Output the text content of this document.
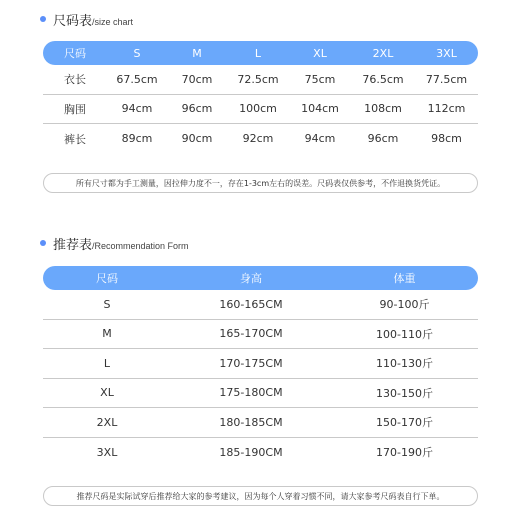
尺码表 /size chart
尺码	S	M	L	XL	2XL	3XL
衣长	67.5cm	70cm	72.5cm	75cm	76.5cm	77.5cm
胸围	94cm	96cm	100cm	104cm	108cm	112cm
裤长	89cm	90cm	92cm	94cm	96cm	98cm
所有尺寸都为手工测量，因拉伸力度不一，存在1-3cm左右的误差。尺码表仅供参考，不作退换货凭证。
推荐表 /Recommendation Form
尺码	身高	体重
S	160-165CM	90-100斤
M	165-170CM	100-110斤
L	170-175CM	110-130斤
XL	175-180CM	130-150斤
2XL	180-185CM	150-170斤
3XL	185-190CM	170-190斤
推荐尺码是实际试穿后推荐给大家的参考建议，因为每个人穿着习惯不同，请大家参考尺码表自行下单。
